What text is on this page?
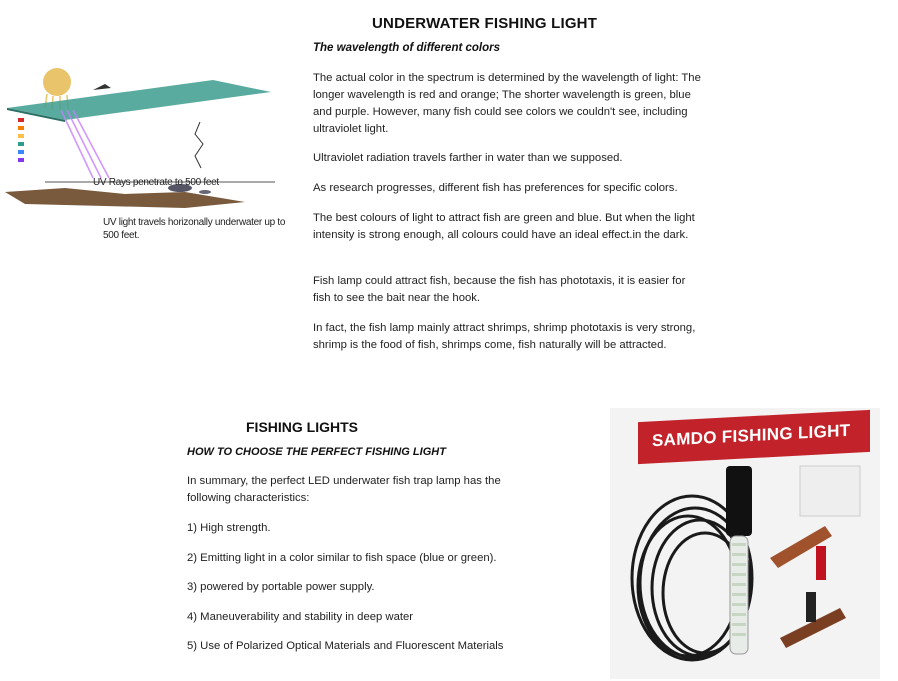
UNDERWATER FISHING LIGHT
The wavelength of different colors
The actual color in the spectrum is determined by the wavelength of light: The longer wavelength is red and orange; The shorter wavelength is green, blue and purple. However, many fish could see colors we couldn't see, including ultraviolet light.
Ultraviolet radiation travels farther in water than we supposed.
As research progresses, different fish has preferences for specific colors.
The best colours of light to attract fish are green and blue. But when the light intensity is strong enough, all colours could have an ideal effect.in the dark.
Fish lamp could attract fish, because the fish has phototaxis, it is easier for fish to see the bait near the hook.
In fact, the fish lamp mainly attract shrimps, shrimp phototaxis is very strong, shrimp is the food of fish, shrimps come, fish naturally will be attracted.
UV Rays penetrate to 500 feet
UV light travels horizonally underwater up to 500 feet.
FISHING LIGHTS
HOW TO CHOOSE THE PERFECT FISHING LIGHT
In summary, the perfect LED underwater fish trap lamp has the following characteristics:
1) High strength.
2) Emitting light in a color similar to fish space (blue or green).
3) powered by portable power supply.
4) Maneuverability and stability in deep water
5) Use of Polarized Optical Materials and Fluorescent Materials
SAMDO FISHING LIGHT
